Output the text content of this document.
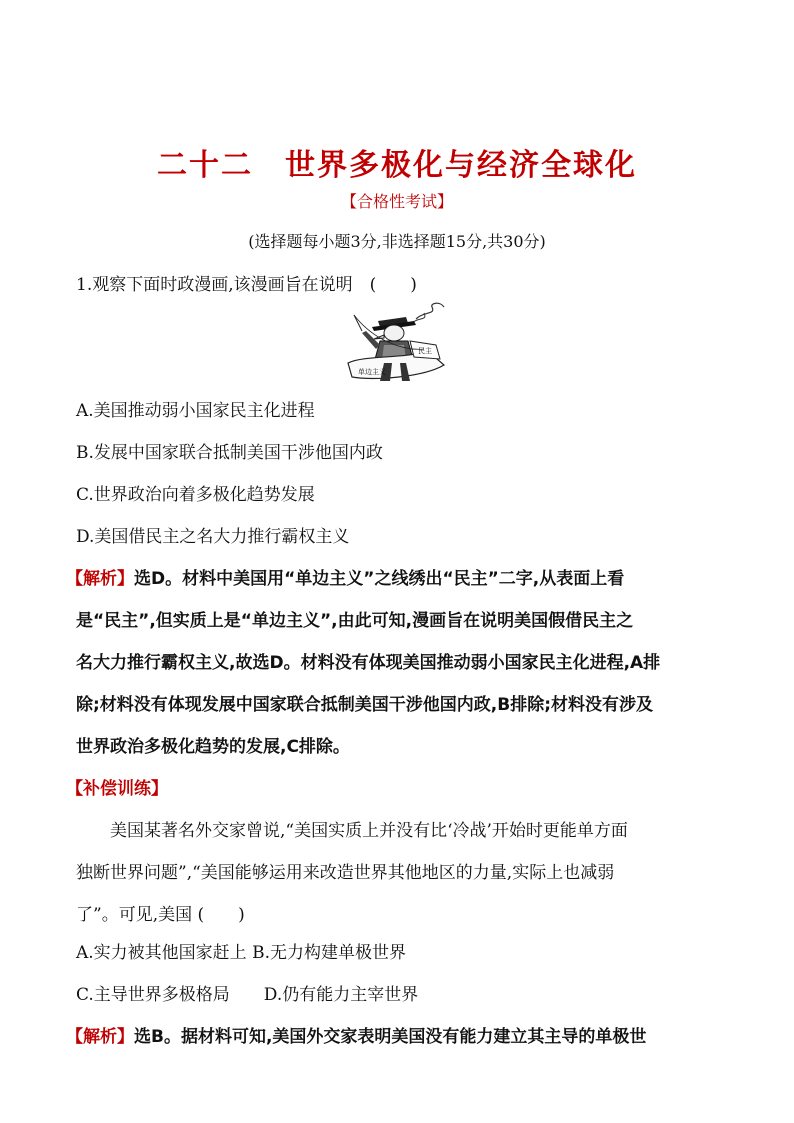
二十二　世界多极化与经济全球化
【合格性考试】
(选择题每小题3分,非选择题15分,共30分)
1.观察下面时政漫画,该漫画旨在说明　(　　)
民主
单边主义
A.美国推动弱小国家民主化进程
B.发展中国家联合抵制美国干涉他国内政
C.世界政治向着多极化趋势发展
D.美国借民主之名大力推行霸权主义
【解析】选D。材料中美国用“单边主义”之线绣出“民主”二字,从表面上看
是“民主”,但实质上是“单边主义”,由此可知,漫画旨在说明美国假借民主之
名大力推行霸权主义,故选D。材料没有体现美国推动弱小国家民主化进程,A排
除;材料没有体现发展中国家联合抵制美国干涉他国内政,B排除;材料没有涉及
世界政治多极化趋势的发展,C排除。
【补偿训练】
美国某著名外交家曾说,“美国实质上并没有比‘冷战’开始时更能单方面
独断世界问题”,“美国能够运用来改造世界其他地区的力量,实际上也减弱
了”。可见,美国 (　　)
A.实力被其他国家赶上 B.无力构建单极世界
C.主导世界多极格局　　D.仍有能力主宰世界
【解析】选B。据材料可知,美国外交家表明美国没有能力建立其主导的单极世
